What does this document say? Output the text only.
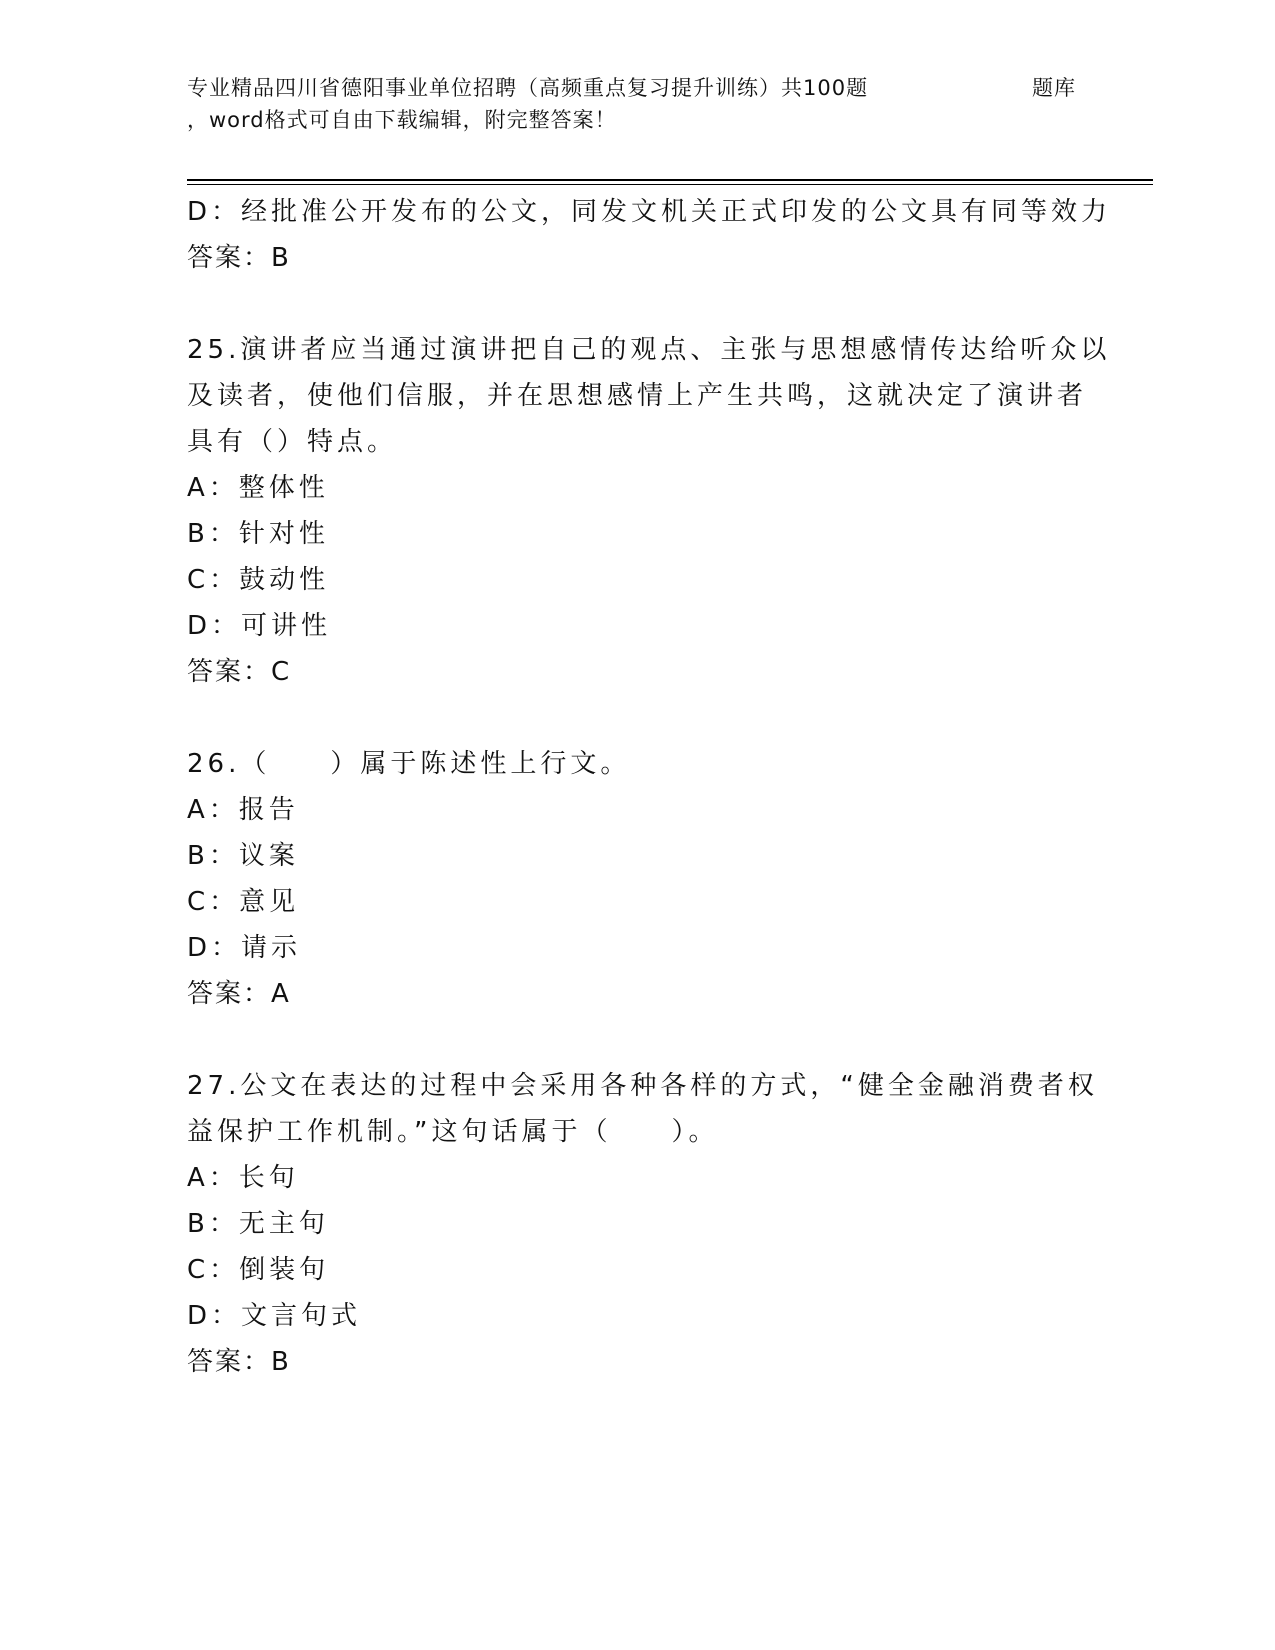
专业精品四川省德阳事业单位招聘（高频重点复习提升训练）共100题	题库
，word格式可自由下载编辑，附完整答案！
D：经批准公开发布的公文，同发文机关正式印发的公文具有同等效力
答案：B
25.演讲者应当通过演讲把自己的观点、主张与思想感情传达给听众以
及读者，使他们信服，并在思想感情上产生共鸣，这就决定了演讲者
具有（）特点。
A：整体性
B：针对性
C：鼓动性
D：可讲性
答案：C
26.（　　）属于陈述性上行文。
A：报告
B：议案
C：意见
D：请示
答案：A
27.公文在表达的过程中会采用各种各样的方式，“健全金融消费者权
益保护工作机制。”这句话属于（　　）。
A：长句
B：无主句
C：倒装句
D：文言句式
答案：B
